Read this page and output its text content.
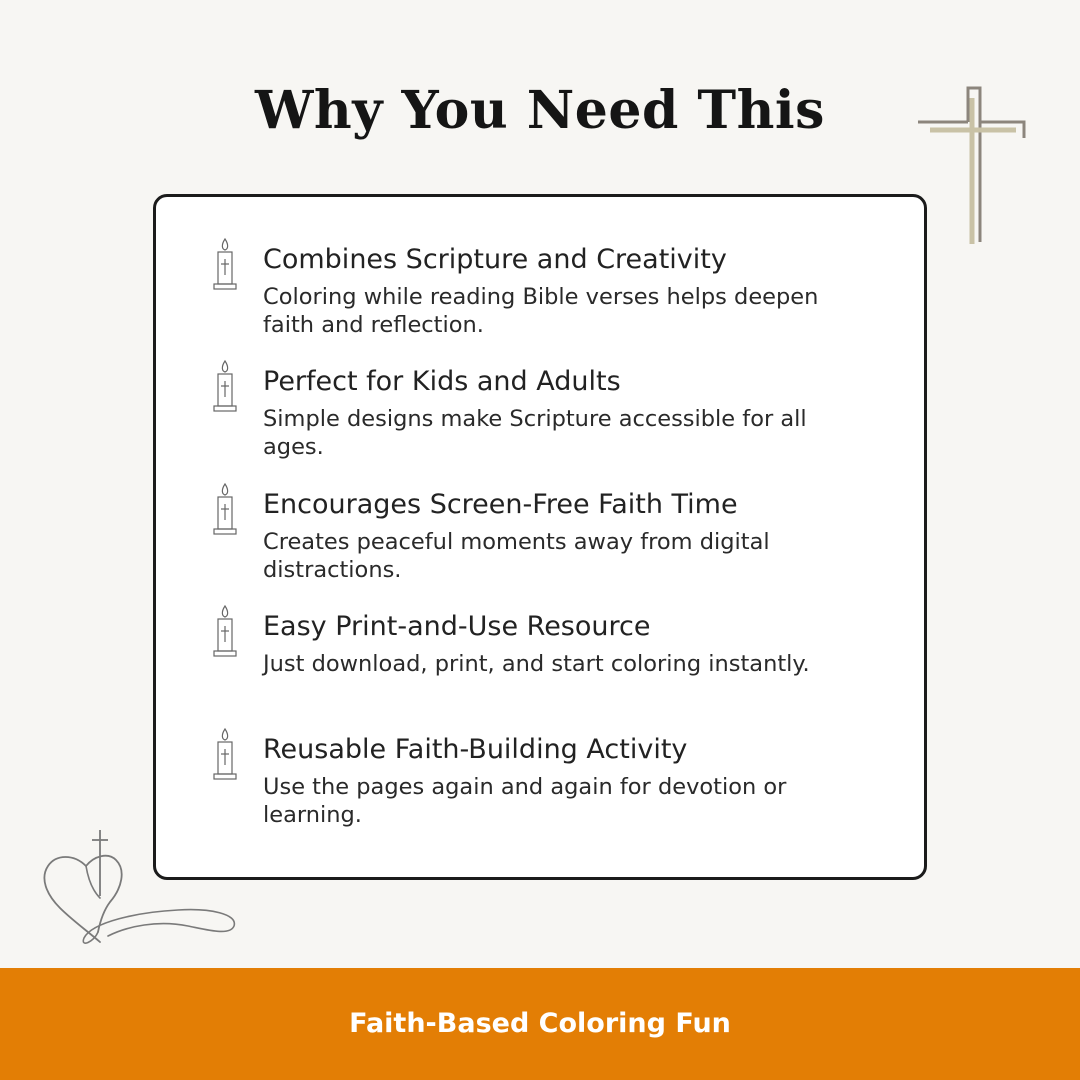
Why You Need This

Combines Scripture and Creativity

Coloring while reading Bible verses helps deepen faith and reflection.

Perfect for Kids and Adults

Simple designs make Scripture accessible for all ages.

Encourages Screen-Free Faith Time

Creates peaceful moments away from digital distractions.

Easy Print-and-Use Resource

Just download, print, and start coloring instantly.

Reusable Faith-Building Activity

Use the pages again and again for devotion or learning.

Faith-Based Coloring Fun
